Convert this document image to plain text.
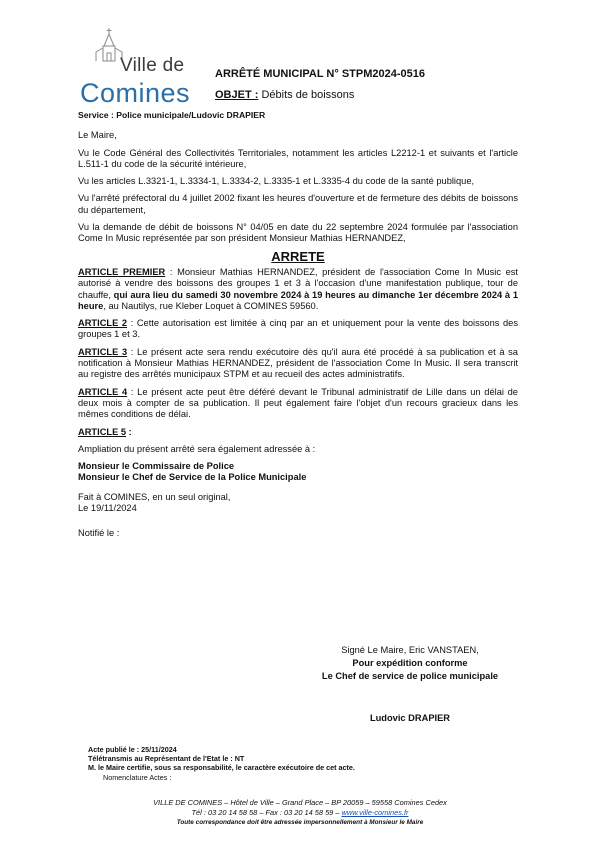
Ville de
Comines
ARRÊTÉ MUNICIPAL N° STPM2024-0516
OBJET : Débits de boissons

Service : Police municipale/Ludovic DRAPIER

Le Maire,

Vu le Code Général des Collectivités Territoriales, notamment les articles L2212-1 et suivants et l'article L.511-1 du code de la sécurité intérieure,

Vu les articles L.3321-1, L.3334-1, L.3334-2, L.3335-1 et L.3335-4 du code de la santé publique,

Vu l'arrêté préfectoral du 4 juillet 2002 fixant les heures d'ouverture et de fermeture des débits de boissons du département,

Vu la demande de débit de boissons N° 04/05 en date du 22 septembre 2024 formulée par l'association Come In Music représentée par son président Monsieur Mathias HERNANDEZ,

ARRETE

ARTICLE PREMIER : Monsieur Mathias HERNANDEZ, président de l'association Come In Music est autorisé à vendre des boissons des groupes 1 et 3 à l'occasion d'une manifestation publique, tour de chauffe, qui aura lieu du samedi 30 novembre 2024 à 19 heures au dimanche 1er décembre 2024 à 1 heure, au Nautilys, rue Kleber Loquet à COMINES 59560.

ARTICLE 2 : Cette autorisation est limitée à cinq par an et uniquement pour la vente des boissons des groupes 1 et 3.

ARTICLE 3 : Le présent acte sera rendu exécutoire dès qu'il aura été procédé à sa publication et à sa notification à Monsieur Mathias HERNANDEZ, président de l'association Come In Music. Il sera transcrit au registre des arrêtés municipaux STPM et au recueil des actes administratifs.

ARTICLE 4 : Le présent acte peut être déféré devant le Tribunal administratif de Lille dans un délai de deux mois à compter de sa publication. Il peut également faire l'objet d'un recours gracieux dans les mêmes conditions de délai.

ARTICLE 5 :

Ampliation du présent arrêté sera également adressée à :

Monsieur le Commissaire de Police
Monsieur le Chef de Service de la Police Municipale

Fait à COMINES, en un seul original,
Le 19/11/2024

Notifié le :

Signé Le Maire, Eric VANSTAEN,
Pour expédition conforme
Le Chef de service de police municipale
Ludovic DRAPIER
Acte publié le : 25/11/2024
Télétransmis au Représentant de l'Etat le : NT
M. le Maire certifie, sous sa responsabilité, le caractère exécutoire de cet acte.
Nomenclature Actes :
VILLE DE COMINES – Hôtel de Ville – Grand Place – BP 20059 – 59558 Comines Cedex
Tél : 03 20 14 58 58 – Fax : 03 20 14 58 59 – www.ville-comines.fr
Toute correspondance doit être adressée impersonnellement à Monsieur le Maire
